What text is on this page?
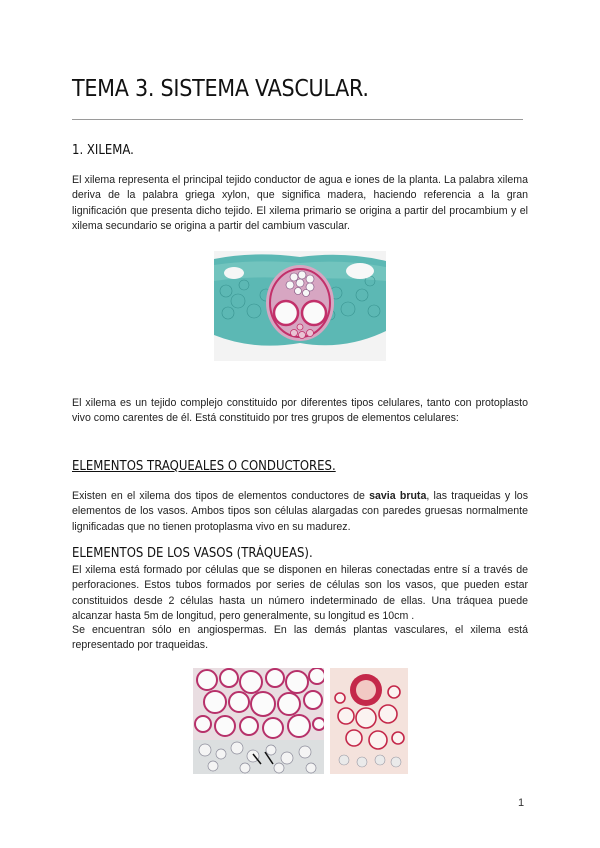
TEMA 3. SISTEMA VASCULAR.
1. XILEMA.

El xilema representa el principal tejido conductor de agua e iones de la planta. La palabra xilema deriva de la palabra griega xylon, que significa madera, haciendo referencia a la gran lignificación que presenta dicho tejido. El xilema primario se origina a partir del procambium y el xilema secundario se origina a partir del cambium vascular.

El xilema es un tejido complejo constituido por diferentes tipos celulares, tanto con protoplasto vivo como carentes de él. Está constituido por tres grupos de elementos celulares:

ELEMENTOS TRAQUEALES O CONDUCTORES.

Existen en el xilema dos tipos de elementos conductores de savia bruta, las traqueidas y los elementos de los vasos. Ambos tipos son células alargadas con paredes gruesas normalmente lignificadas que no tienen protoplasma vivo en su madurez.

ELEMENTOS DE LOS VASOS (TRÁQUEAS).

El xilema está formado por células que se disponen en hileras conectadas entre sí a través de perforaciones. Estos tubos formados por series de células son los vasos, que pueden estar constituidos desde 2 células hasta un número indeterminado de ellas. Una tráquea puede alcanzar hasta 5m de longitud, pero generalmente, su longitud es 10cm .

Se encuentran sólo en angiospermas. En las demás plantas vasculares, el xilema está representado por traqueidas.

1
